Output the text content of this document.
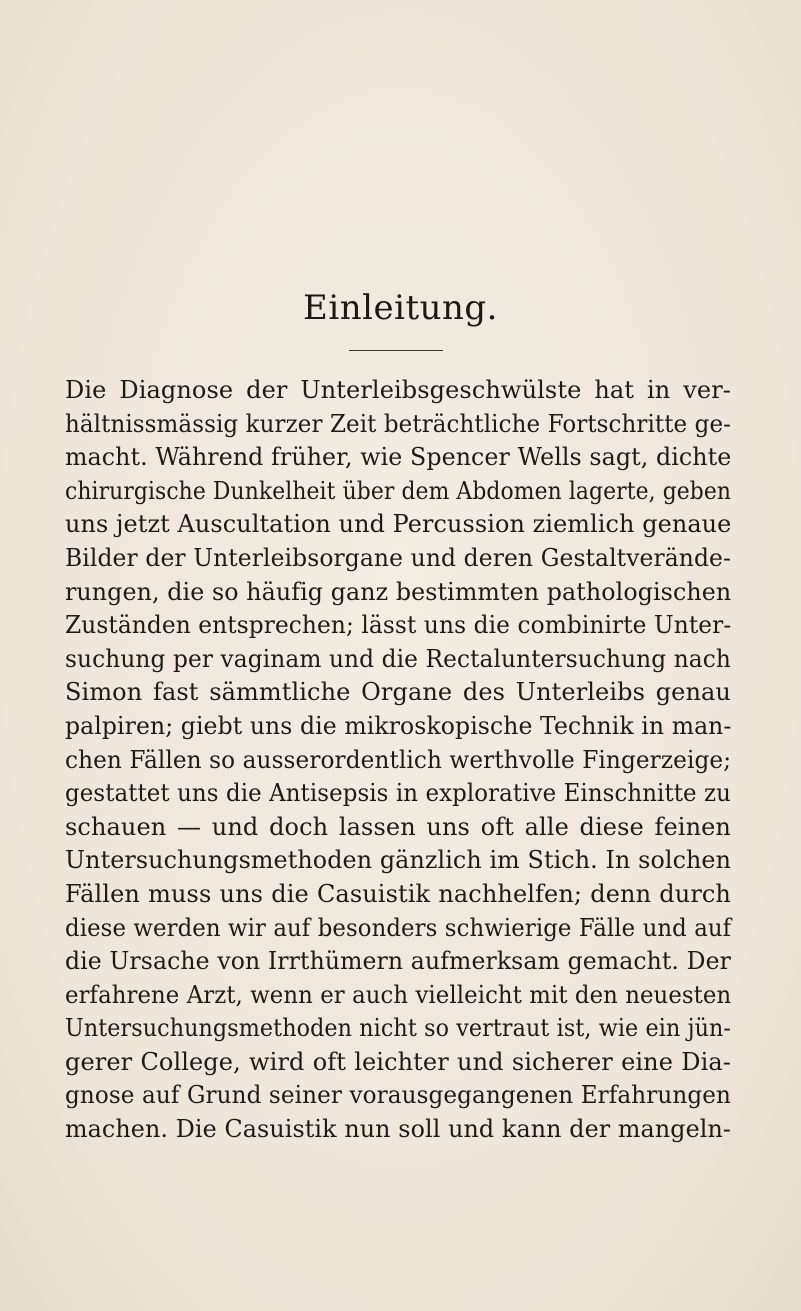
Einleitung.
Die Diagnose der Unterleibsgeschwülste hat in ver-
hältnissmässig kurzer Zeit beträchtliche Fortschritte ge-
macht. Während früher, wie Spencer Wells sagt, dichte
chirurgische Dunkelheit über dem Abdomen lagerte, geben
uns jetzt Auscultation und Percussion ziemlich genaue
Bilder der Unterleibsorgane und deren Gestaltverände-
rungen, die so häufig ganz bestimmten pathologischen
Zuständen entsprechen; lässt uns die combinirte Unter-
suchung per vaginam und die Rectaluntersuchung nach
Simon fast sämmtliche Organe des Unterleibs genau
palpiren; giebt uns die mikroskopische Technik in man-
chen Fällen so ausserordentlich werthvolle Fingerzeige;
gestattet uns die Antisepsis in explorative Einschnitte zu
schauen — und doch lassen uns oft alle diese feinen
Untersuchungsmethoden gänzlich im Stich. In solchen
Fällen muss uns die Casuistik nachhelfen; denn durch
diese werden wir auf besonders schwierige Fälle und auf
die Ursache von Irrthümern aufmerksam gemacht. Der
erfahrene Arzt, wenn er auch vielleicht mit den neuesten
Untersuchungsmethoden nicht so vertraut ist, wie ein jün-
gerer College, wird oft leichter und sicherer eine Dia-
gnose auf Grund seiner vorausgegangenen Erfahrungen
machen. Die Casuistik nun soll und kann der mangeln-
